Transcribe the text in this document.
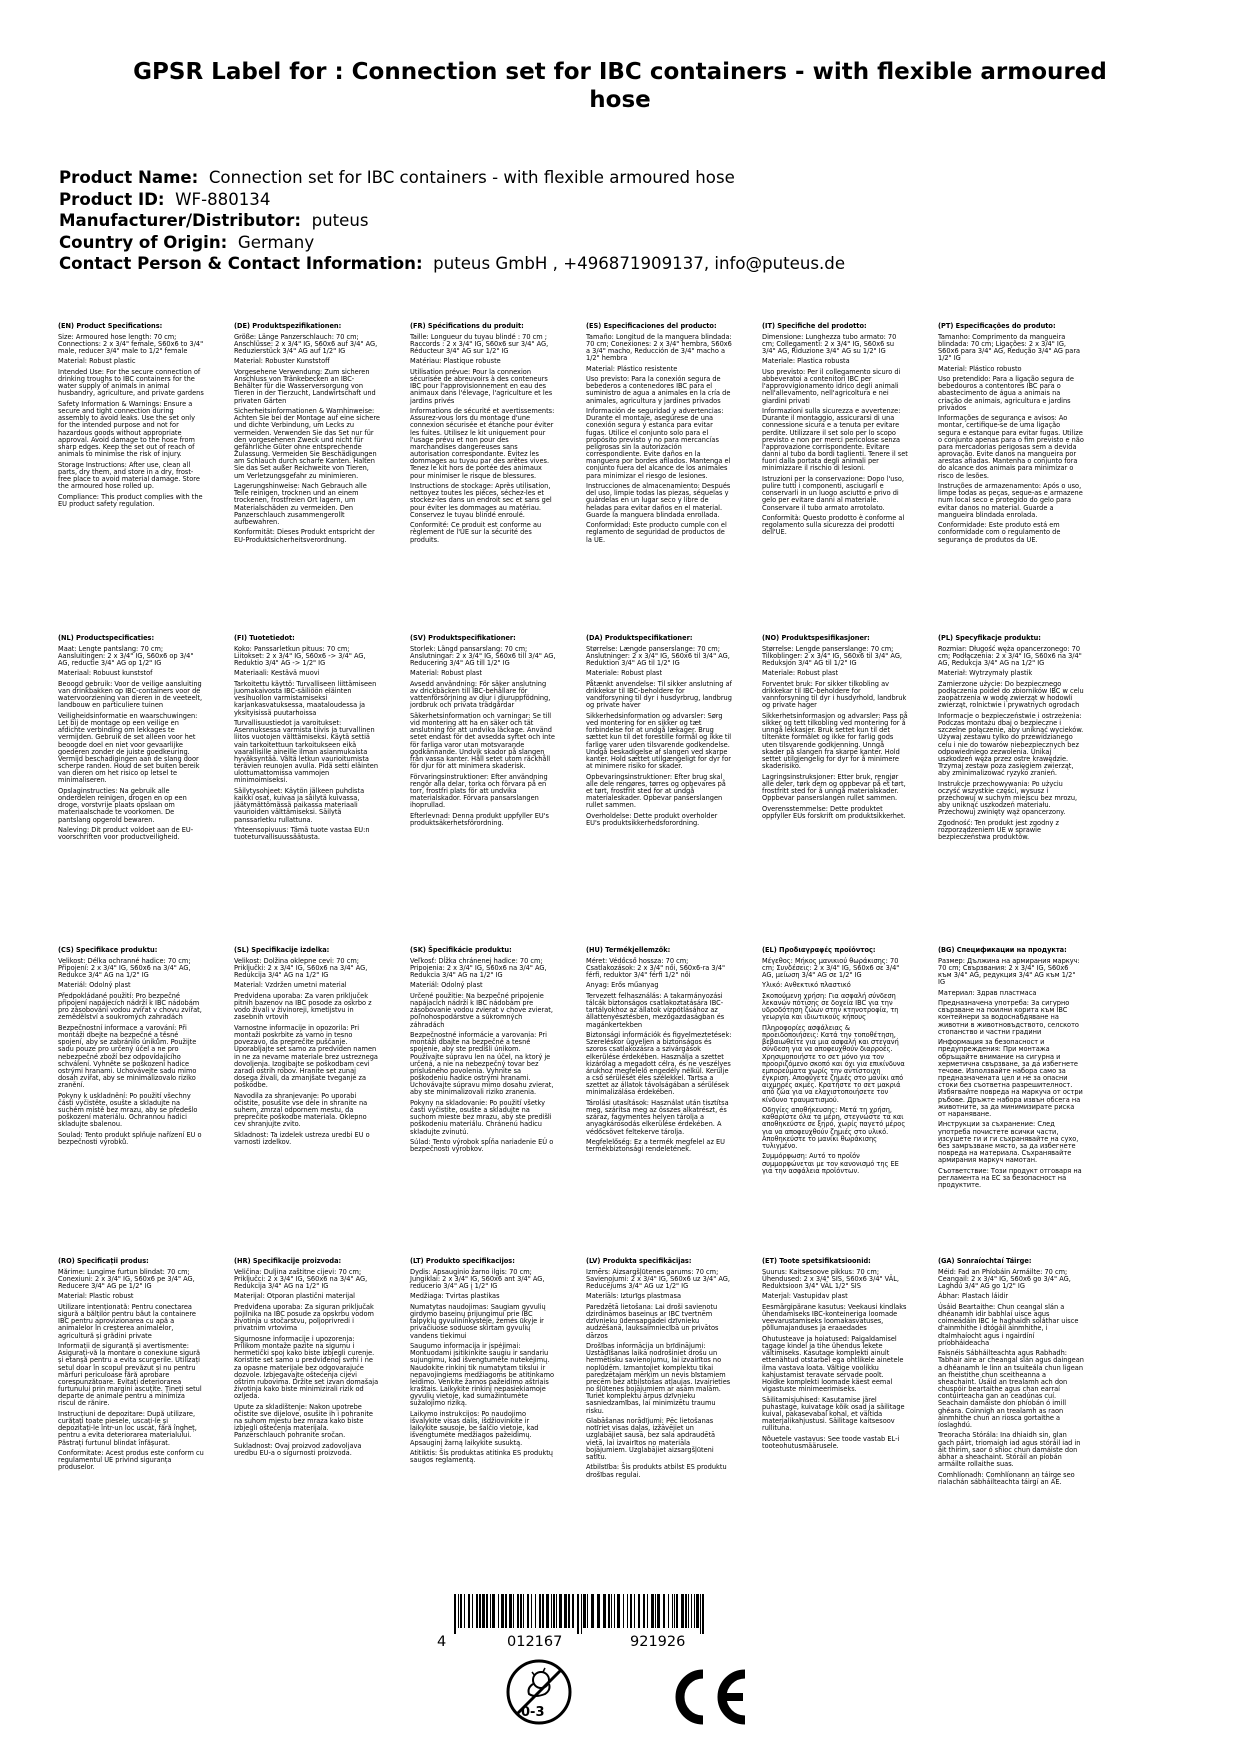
GPSR Label for : Connection set for IBC containers - with flexible armoured hose
Product Name: Connection set for IBC containers - with flexible armoured hose
Product ID: WF-880134
Manufacturer/Distributor: puteus
Country of Origin: Germany
Contact Person & Contact Information: puteus GmbH , +496871909137, info@puteus.de

(EN) Product Specifications:

Size: Armoured hose length: 70 cm; Connections: 2 x 3/4" female, S60x6 to 3/4" male, reducer 3/4" male to 1/2" female

Material: Robust plastic

Intended Use: For the secure connection of drinking troughs to IBC containers for the water supply of animals in animal husbandry, agriculture, and private gardens

Safety Information & Warnings: Ensure a secure and tight connection during assembly to avoid leaks. Use the set only for the intended purpose and not for hazardous goods without appropriate approval. Avoid damage to the hose from sharp edges. Keep the set out of reach of animals to minimise the risk of injury.

Storage Instructions: After use, clean all parts, dry them, and store in a dry, frost-free place to avoid material damage. Store the armoured hose rolled up.

Compliance: This product complies with the EU product safety regulation.

(DE) Produktspezifikationen:

Größe: Länge Panzerschlauch: 70 cm; Anschlüsse: 2 x 3/4" IG, S60x6 auf 3/4" AG, Reduzierstück 3/4" AG auf 1/2" IG

Material: Robuster Kunststoff

Vorgesehene Verwendung: Zum sicheren Anschluss von Tränkebecken an IBC-Behälter für die Wasserversorgung von Tieren in der Tierzucht, Landwirtschaft und privaten Gärten

Sicherheitsinformationen & Warnhinweise: Achten Sie bei der Montage auf eine sichere und dichte Verbindung, um Lecks zu vermeiden. Verwenden Sie das Set nur für den vorgesehenen Zweck und nicht für gefährliche Güter ohne entsprechende Zulassung. Vermeiden Sie Beschädigungen am Schlauch durch scharfe Kanten. Halten Sie das Set außer Reichweite von Tieren, um Verletzungsgefahr zu minimieren.

Lagerungshinweise: Nach Gebrauch alle Teile reinigen, trocknen und an einem trockenen, frostfreien Ort lagern, um Materialschäden zu vermeiden. Den Panzerschlauch zusammengerollt aufbewahren.

Konformität: Dieses Produkt entspricht der EU-Produktsicherheitsverordnung.

(FR) Spécifications du produit:

Taille: Longueur du tuyau blindé : 70 cm ; Raccords : 2 x 3/4" IG, S60x6 sur 3/4" AG, Réducteur 3/4" AG sur 1/2" IG

Matériau: Plastique robuste

Utilisation prévue: Pour la connexion sécurisée de abreuvoirs à des conteneurs IBC pour l'approvisionnement en eau des animaux dans l'élevage, l'agriculture et les jardins privés

Informations de sécurité et avertissements: Assurez-vous lors du montage d'une connexion sécurisée et étanche pour éviter les fuites. Utilisez le kit uniquement pour l'usage prévu et non pour des marchandises dangereuses sans autorisation correspondante. Évitez les dommages au tuyau par des arêtes vives. Tenez le kit hors de portée des animaux pour minimiser le risque de blessures.

Instructions de stockage: Après utilisation, nettoyez toutes les pièces, séchez-les et stockez-les dans un endroit sec et sans gel pour éviter les dommages au matériau. Conservez le tuyau blindé enroulé.

Conformité: Ce produit est conforme au règlement de l'UE sur la sécurité des produits.

(ES) Especificaciones del producto:

Tamaño: Longitud de la manguera blindada: 70 cm; Conexiones: 2 x 3/4" hembra, S60x6 a 3/4" macho, Reducción de 3/4" macho a 1/2" hembra

Material: Plástico resistente

Uso previsto: Para la conexión segura de bebederos a contenedores IBC para el suministro de agua a animales en la cría de animales, agricultura y jardines privados

Información de seguridad y advertencias: Durante el montaje, asegúrese de una conexión segura y estanca para evitar fugas. Utilice el conjunto solo para el propósito previsto y no para mercancías peligrosas sin la autorización correspondiente. Evite daños en la manguera por bordes afilados. Mantenga el conjunto fuera del alcance de los animales para minimizar el riesgo de lesiones.

Instrucciones de almacenamiento: Después del uso, limpie todas las piezas, séquelas y guárdelas en un lugar seco y libre de heladas para evitar daños en el material. Guarde la manguera blindada enrollada.

Conformidad: Este producto cumple con el reglamento de seguridad de productos de la UE.

(IT) Specifiche del prodotto:

Dimensione: Lunghezza tubo armato: 70 cm; Collegamenti: 2 x 3/4" IG, S60x6 su 3/4" AG, Riduzione 3/4" AG su 1/2" IG

Materiale: Plastica robusta

Uso previsto: Per il collegamento sicuro di abbeveratoi a contenitori IBC per l'approvvigionamento idrico degli animali nell'allevamento, nell'agricoltura e nei giardini privati

Informazioni sulla sicurezza e avvertenze: Durante il montaggio, assicurarsi di una connessione sicura e a tenuta per evitare perdite. Utilizzare il set solo per lo scopo previsto e non per merci pericolose senza l'approvazione corrispondente. Evitare danni al tubo da bordi taglienti. Tenere il set fuori dalla portata degli animali per minimizzare il rischio di lesioni.

Istruzioni per la conservazione: Dopo l'uso, pulire tutti i componenti, asciugarli e conservarli in un luogo asciutto e privo di gelo per evitare danni al materiale. Conservare il tubo armato arrotolato.

Conformità: Questo prodotto è conforme al regolamento sulla sicurezza dei prodotti dell'UE.

(PT) Especificações do produto:

Tamanho: Comprimento da mangueira blindada: 70 cm; Ligações: 2 x 3/4" IG, S60x6 para 3/4" AG, Redução 3/4" AG para 1/2" IG

Material: Plástico robusto

Uso pretendido: Para a ligação segura de bebedouros a contentores IBC para o abastecimento de água a animais na criação de animais, agricultura e jardins privados

Informações de segurança e avisos: Ao montar, certifique-se de uma ligação segura e estanque para evitar fugas. Utilize o conjunto apenas para o fim previsto e não para mercadorias perigosas sem a devida aprovação. Evite danos na mangueira por arestas afiadas. Mantenha o conjunto fora do alcance dos animais para minimizar o risco de lesões.

Instruções de armazenamento: Após o uso, limpe todas as peças, seque-as e armazene num local seco e protegido do gelo para evitar danos no material. Guarde a mangueira blindada enrolada.

Conformidade: Este produto está em conformidade com o regulamento de segurança de produtos da UE.

(NL) Productspecificaties:

Maat: Lengte pantslang: 70 cm; Aansluitingen: 2 x 3/4" IG, S60x6 op 3/4" AG, reductie 3/4" AG op 1/2" IG

Materiaal: Robuust kunststof

Beoogd gebruik: Voor de veilige aansluiting van drinkbakken op IBC-containers voor de watervoorziening van dieren in de veeteelt, landbouw en particuliere tuinen

Veiligheidsinformatie en waarschuwingen: Let bij de montage op een veilige en afdichte verbinding om lekkages te vermijden. Gebruik de set alleen voor het beoogde doel en niet voor gevaarlijke goederen zonder de juiste goedkeuring. Vermijd beschadigingen aan de slang door scherpe randen. Houd de set buiten bereik van dieren om het risico op letsel te minimaliseren.

Opslaginstructies: Na gebruik alle onderdelen reinigen, drogen en op een droge, vorstvrije plaats opslaan om materiaalschade te voorkomen. De pantslang opgerold bewaren.

Naleving: Dit product voldoet aan de EU-voorschriften voor productveiligheid.

(FI) Tuotetiedot:

Koko: Panssarletkun pituus: 70 cm; Liitokset: 2 x 3/4" IG, S60x6 -> 3/4" AG, Reduktio 3/4" AG -> 1/2" IG

Materiaali: Kestävä muovi

Tarkoitettu käyttö: Turvalliseen liittämiseen juomakaivosta IBC-säiliöön eläinten vesihuollon varmistamiseksi karjankasvatuksessa, maataloudessa ja yksityisissä puutarhoissa

Turvallisuustiedot ja varoitukset: Asennuksessa varmista tiivis ja turvallinen liitos vuotojen välttämiseksi. Käytä settiä vain tarkoitettuun tarkoitukseen eikä vaarallisille aineille ilman asianmukaista hyväksyntää. Vältä letkun vaurioitumista terävien reunojen avulla. Pidä setti eläinten ulottumattomissa vammojen minimoimiseksi.

Säilytysohjeet: Käytön jälkeen puhdista kaikki osat, kuivaa ja säilytä kuivassa, jäätymättömässä paikassa materiaali vaurioiden välttämiseksi. Säilytä panssarletku rullattuna.

Yhteensopivuus: Tämä tuote vastaa EU:n tuoteturvallisuussäätusta.

(SV) Produktspecifikationer:

Storlek: Längd pansarslang: 70 cm; Anslutningar: 2 x 3/4" IG, S60x6 till 3/4" AG, Reducering 3/4" AG till 1/2" IG

Material: Robust plast

Avsedd användning: För säker anslutning av drickbäcken till IBC-behållare för vattenförsörjning av djur i djuruppfödning, jordbruk och privata trädgårdar

Säkerhetsinformation och varningar: Se till vid montering att ha en säker och tät anslutning för att undvika läckage. Använd setet endast för det avsedda syftet och inte för farliga varor utan motsvarande godkännande. Undvik skador på slangen från vassa kanter. Håll setet utom räckhåll för djur för att minimera skaderisk.

Förvaringsinstruktioner: Efter användning rengör alla delar, torka och förvara på en torr, frostfri plats för att undvika materialskador. Förvara pansarslangen ihoprullad.

Efterlevnad: Denna produkt uppfyller EU's produktsäkerhetsförordning.

(DA) Produktspecifikationer:

Størrelse: Længde panserslange: 70 cm; Anslutninger: 2 x 3/4" IG, S60x6 til 3/4" AG, Reduktion 3/4" AG til 1/2" IG

Materiale: Robust plast

Påtænkt anvendelse: Til sikker anslutning af drikkekar til IBC-beholdere for vandforsyning til dyr i husdyrbrug, landbrug og private haver

Sikkerhedsinformation og advarsler: Sørg ved montering for en sikker og tæt forbindelse for at undgå lækager. Brug sættet kun til det forestille formål og ikke til farlige varer uden tilsvarende godkendelse. Undgå beskadigelse af slangen ved skarpe kanter. Hold sættet utilgængeligt for dyr for at minimere risiko for skader.

Opbevaringsinstruktioner: Efter brug skal alle dele rengøres, tørres og opbevares på et tørt, frostfrit sted for at undgå materialeskader. Opbevar panserslangen rullet sammen.

Overholdelse: Dette produkt overholder EU's produktsikkerhedsforordning.

(NO) Produktspesifikasjoner:

Størrelse: Lengde panserslange: 70 cm; Tilkoblinger: 2 x 3/4" IG, S60x6 til 3/4" AG, Reduksjon 3/4" AG til 1/2" IG

Materiale: Robust plast

Forventet bruk: For sikker tilkobling av drikkekar til IBC-beholdere for vannforsyning til dyr i husdyrhold, landbruk og private hager

Sikkerhetsinformasjon og advarsler: Pass på sikker og tett tilkobling ved montering for å unngå lekkasjer. Bruk settet kun til det tiltenkte formålet og ikke for farlig gods uten tilsvarende godkjenning. Unngå skader på slangen fra skarpe kanter. Hold settet utilgjengelig for dyr for å minimere skaderisiko.

Lagringsinstruksjoner: Etter bruk, rengjør alle deler, tørk dem og oppbevar på et tørt, frostfritt sted for å unngå materialskader. Oppbevar panserslangen rullet sammen.

Overensstemmelse: Dette produktet oppfyller EUs forskrift om produktsikkerhet.

(PL) Specyfikacje produktu:

Rozmiar: Długość węża opancerzonego: 70 cm; Podłączenia: 2 x 3/4" IG, S60x6 na 3/4" AG, Redukcja 3/4" AG na 1/2" IG

Materiał: Wytrzymały plastik

Zamierzone użycie: Do bezpiecznego podłączenia poideł do zbiorników IBC w celu zaopatrzenia w wodę zwierząt w hodowli zwierząt, rolnictwie i prywatnych ogrodach

Informacje o bezpieczeństwie i ostrzeżenia: Podczas montażu dbaj o bezpieczne i szczelne połączenie, aby uniknąć wycieków. Używaj zestawu tylko do przewidzianego celu i nie do towarów niebezpiecznych bez odpowiedniego zezwolenia. Unikaj uszkodzeń węża przez ostre krawędzie. Trzymaj zestaw poza zasięgiem zwierząt, aby zminimalizować ryzyko zranień.

Instrukcje przechowywania: Po użyciu oczyść wszystkie części, wysusz i przechowuj w suchym miejscu bez mrozu, aby uniknąć uszkodzeń materiału. Przechowuj zwinięty wąż opancerzony.

Zgodność: Ten produkt jest zgodny z rozporządzeniem UE w sprawie bezpieczeństwa produktów.

(CS) Specifikace produktu:

Velikost: Délka ochranné hadice: 70 cm; Připojení: 2 x 3/4" IG, S60x6 na 3/4" AG, Redukce 3/4" AG na 1/2" IG

Materiál: Odolný plast

Předpokládané použití: Pro bezpečné připojení napájecích nádrží k IBC nádobám pro zásobování vodou zvířat v chovu zvířat, zemědělství a soukromých zahradách

Bezpečnostní informace a varování: Při montáži dbejte na bezpečné a těsné spojení, aby se zabránilo únikům. Použijte sadu pouze pro určený účel a ne pro nebezpečné zboží bez odpovídajícího schválení. Vyhněte se poškození hadice ostrými hranami. Uchovávejte sadu mimo dosah zvířat, aby se minimalizovalo riziko zranění.

Pokyny k uskladnění: Po použití všechny části vyčistěte, osušte a skladujte na suchém místě bez mrazu, aby se předešlo poškození materiálu. Ochrannou hadici skladujte sbalenou.

Soulad: Tento produkt splňuje nařízení EU o bezpečnosti výrobků.

(SL) Specifikacije izdelka:

Velikost: Dolžina oklepne cevi: 70 cm; Priključki: 2 x 3/4" IG, S60x6 na 3/4" AG, Redukcija 3/4" AG na 1/2" IG

Material: Vzdržen umetni material

Predvidena uporaba: Za varen priključek pitnih bazenov na IBC posode za oskrbo z vodo živali v živinoreji, kmetijstvu in zasebnih vrtovih

Varnostne informacije in opozorila: Pri montaži poskrbite za varno in tesno povezavo, da preprečite puščanje. Uporabljajte set samo za predviden namen in ne za nevarne materiale brez ustreznega dovoljenja. Izogibajte se poškodbam cevi zaradi ostrih robov. Hranite set zunaj dosega živali, da zmanjšate tveganje za poškodbe.

Navodila za shranjevanje: Po uporabi očistite, posušite vse dele in shranite na suhem, zmrzal odpornem mestu, da preprečite poškodbe materiala. Oklepno cev shranjujte zvito.

Skladnost: Ta izdelek ustreza uredbi EU o varnosti izdelkov.

(SK) Špecifikácie produktu:

Veľkosť: Dĺžka chránenej hadice: 70 cm; Pripojenia: 2 x 3/4" IG, S60x6 na 3/4" AG, Redukcia 3/4" AG na 1/2" IG

Materiál: Odolný plast

Určené použitie: Na bezpečné pripojenie napájacích nádrží k IBC nádobám pre zásobovanie vodou zvierat v chove zvierat, poľnohospodárstve a súkromných záhradách

Bezpečnostné informácie a varovania: Pri montáži dbajte na bezpečné a tesné spojenie, aby ste predišli únikom. Používajte súpravu len na účel, na ktorý je určená, a nie na nebezpečný tovar bez príslušného povolenia. Vyhnite sa poškodeniu hadice ostrými hranami. Uchovávajte súpravu mimo dosahu zvierat, aby ste minimalizovali riziko zranenia.

Pokyny na skladovanie: Po použití všetky časti vyčistite, osušte a skladujte na suchom mieste bez mrazu, aby ste predišli poškodeniu materiálu. Chránenú hadicu skladujte zvinutú.

Súlad: Tento výrobok spĺňa nariadenie EÚ o bezpečnosti výrobkov.

(HU) Termékjellemzők:

Méret: Védőcső hossza: 70 cm; Csatlakozások: 2 x 3/4" női, S60x6-ra 3/4" férfi, reduktor 3/4" férfi 1/2" női

Anyag: Erős műanyag

Tervezett felhasználás: A takarmányozási tálcák biztonságos csatlakoztatására IBC-tartályokhoz az állatok vízpótlásához az állattenyésztésben, mezőgazdaságban és magánkertekben

Biztonsági információk és figyelmeztetések: Szereléskor ügyeljen a biztonságos és szoros csatlakozásra a szivárgások elkerülése érdekében. Használja a szettet kizárólag a megadott célra, és ne veszélyes árukhoz megfelelő engedély nélkül. Kerülje a cső sérülését éles szélekkel. Tartsa a szettet az állatok távolságában a sérülések minimalizálása érdekében.

Tárolási utasítások: Használat után tisztítsa meg, szárítsa meg az összes alkatrészt, és száraz, fagymentes helyen tárolja a anyagkárosodás elkerülése érdekében. A védőcsövet feltekerve tárolja.

Megfelelőség: Ez a termék megfelel az EU termékbiztonsági rendeletének.

(EL) Προδιαγραφές προϊόντος:

Μέγεθος: Μήκος μανικιού θωράκισης: 70 cm; Συνδέσεις: 2 x 3/4" IG, S60x6 σε 3/4" AG, μείωση 3/4" AG σε 1/2" IG

Υλικό: Ανθεκτικό πλαστικό

Σκοπούμενη χρήση: Για ασφαλή σύνδεση λεκανών πότισης σε δοχεία IBC για την υδροδότηση ζώων στην κτηνοτροφία, τη γεωργία και ιδιωτικούς κήπους

Πληροφορίες ασφάλειας & προειδοποιήσεις: Κατά την τοποθέτηση, βεβαιωθείτε για μια ασφαλή και στεγανή σύνδεση για να αποφευχθούν διαρροές. Χρησιμοποιήστε το σετ μόνο για τον προοριζόμενο σκοπό και όχι για επικίνδυνα εμπορεύματα χωρίς την αντίστοιχη έγκριση. Αποφύγετε ζημιές στο μανίκι από αιχμηρές ακμές. Κρατήστε το σετ μακριά από ζώα για να ελαχιστοποιήσετε τον κίνδυνο τραυματισμού.

Οδηγίες αποθήκευσης: Μετά τη χρήση, καθαρίστε όλα τα μέρη, στεγνώστε τα και αποθηκεύστε σε ξηρό, χωρίς παγετό μέρος για να αποφευχθούν ζημιές στο υλικό. Αποθηκεύστε το μανίκι θωράκισης τυλιγμένο.

Συμμόρφωση: Αυτό το προϊόν συμμορφώνεται με τον κανονισμό της ΕΕ για την ασφάλεια προϊόντων.

(BG) Спецификации на продукта:

Размер: Дължина на армирания маркуч: 70 cm; Свързвания: 2 x 3/4" IG, S60x6 към 3/4" AG, редукция 3/4" AG към 1/2" IG

Материал: Здрав пластмаса

Предназначена употреба: За сигурно свързване на поилни корита към IBC контейнери за водоснабдяване на животни в животновъдството, селското стопанство и частни градини

Информация за безопасност и предупреждения: При монтажа обръщайте внимание на сигурна и херметична свързване, за да избегнете течове. Използвайте набора само за предназначената цел и не за опасни стоки без съответна разрешителност. Избягвайте повреда на маркуча от остри ръбове. Дръжте набора извън обсега на животните, за да минимизирате риска от нараняване.

Инструкции за съхранение: След употреба почистете всички части, изсушете ги и ги съхранявайте на сухо, без замръзване място, за да избегнете повреда на материала. Съхранявайте армирания маркуч намотан.

Съответствие: Този продукт отговаря на регламента на ЕС за безопасност на продуктите.

(RO) Specificații produs:

Mărime: Lungime furtun blindat: 70 cm; Conexiuni: 2 x 3/4" IG, S60x6 pe 3/4" AG, Reducere 3/4" AG pe 1/2" IG

Material: Plastic robust

Utilizare intenționată: Pentru conectarea sigură a bălților pentru băut la containere IBC pentru aprovizionarea cu apă a animalelor în creșterea animalelor, agricultură și grădini private

Informații de siguranță și avertismente: Asigurați-vă la montare o conexiune sigură și etanșă pentru a evita scurgerile. Utilizați setul doar în scopul prevăzut și nu pentru mărfuri periculoase fără aprobare corespunzătoare. Evitați deteriorarea furtunului prin margini ascuțite. Țineți setul departe de animale pentru a minimiza riscul de rănire.

Instrucțiuni de depozitare: După utilizare, curățați toate piesele, uscați-le și depozitați-le într-un loc uscat, fără îngheț, pentru a evita deteriorarea materialului. Păstrați furtunul blindat înfășurat.

Conformitate: Acest produs este conform cu regulamentul UE privind siguranța produselor.

(HR) Specifikacije proizvoda:

Veličina: Duljina zaštitne cijevi: 70 cm; Priključci: 2 x 3/4" IG, S60x6 na 3/4" AG, Redukcija 3/4" AG na 1/2" IG

Materijal: Otporan plastični materijal

Predviđena uporaba: Za siguran priključak pojilnika na IBC posude za opskrbu vodom životinja u stočarstvu, poljoprivredi i privatnim vrtovima

Sigurnosne informacije i upozorenja: Prilikom montaže pazite na sigurnu i hermetički spoj kako biste izbjegli curenje. Koristite set samo u predviđenoj svrhi i ne za opasne materijale bez odgovarajuće dozvole. Izbjegavajte oštećenja cijevi oštrim rubovima. Držite set izvan domašaja životinja kako biste minimizirali rizik od ozljeda.

Upute za skladištenje: Nakon upotrebe očistite sve dijelove, osušite ih i pohranite na suhom mjestu bez mraza kako biste izbjegli oštećenja materijala. Panzerschlauch pohranite sročan.

Sukladnost: Ovaj proizvod zadovoljava uredbu EU-a o sigurnosti proizvoda.

(LT) Produkto specifikacijos:

Dydis: Apsauginio žarno ilgis: 70 cm; Jungiklai: 2 x 3/4" IG, S60x6 ant 3/4" AG, reducerio 3/4" AG į 1/2" IG

Medžiaga: Tvirtas plastikas

Numatytas naudojimas: Saugiam gyvulių girdymo baseinų prijungimui prie IBC talpyklų gyvulininkystėje, žemės ūkyje ir privačiuose soduose skirtam gyvulių vandens tiekimui

Saugumo informacija ir įspėjimai: Montuodami įsitikinkite saugiu ir sandariu sujungimu, kad išvengtumėte nutekėjimų. Naudokite rinkinį tik numatytam tikslui ir nepavojingiems medžiagoms be atitinkamo leidimo. Venkite žarnos pažeidimo aštriais kraštais. Laikykite rinkinį nepasiekiamoje gyvulių vietoje, kad sumažintumėte sužalojimo riziką.

Laikymo instrukcijos: Po naudojimo išvalykite visas dalis, išdžiovinkite ir laikykite sausoje, be šalčio vietoje, kad išvengtumėte medžiagos pažeidimų. Apsauginį žarną laikykite susuktą.

Atitiktis: Šis produktas atitinka ES produktų saugos reglamentą.

(LV) Produkta specifikācijas:

Izmērs: Aizsargšļūtenes garums: 70 cm; Savienojumi: 2 x 3/4" IG, S60x6 uz 3/4" AG, Reducējums 3/4" AG uz 1/2" IG

Materiāls: Izturīgs plastmasa

Paredzētā lietošana: Lai droši savienotu dzirdināmos baseinus ar IBC tvertnēm dzīvnieku ūdensapgādei dzīvnieku audzēšanā, lauksaimniecībā un privātos dārzos

Drošības informācija un brīdinājumi: Uzstādīšanas laikā nodrošiniet drošu un hermētisku savienojumu, lai izvairītos no noplūdēm. Izmantojiet komplektu tikai paredzētajam mērķim un nevis bīstamiem precēm bez atbilstošas atļaujas. Izvairieties no šļūtenes bojājumiem ar asām malām. Turiet komplektu ārpus dzīvnieku sasniedzamības, lai minimizētu traumu risku.

Glabāšanas norādījumi: Pēc lietošanas notīriet visas daļas, izžāvējiet un uzglabājiet sausā, bez sala apdraudētā vietā, lai izvairītos no materiāla bojājumiem. Uzglabājiet aizsargšļūteni satītu.

Atbilstība: Šis produkts atbilst ES produktu drošības regulai.

(ET) Toote spetsifikatsioonid:

Suurus: Kaitsesoove pikkus: 70 cm; Ühendused: 2 x 3/4" SIS, S60x6 3/4" VÄL, Reduktsioon 3/4" VÄL 1/2" SIS

Materjal: Vastupidav plast

Eesmärgipärane kasutus: Veekausi kindlaks ühendamiseks IBC-konteineriga loomade veevarustamiseks loomakasvatuses, põllumajanduses ja eraaedades

Ohutusteave ja hoiatused: Paigaldamisel tagage kindel ja tihe ühendus lekete vältimiseks. Kasutage komplekti ainult ettenähtud otstarbel ega ohtlikele ainetele ilma vastava loata. Vältige voolikku kahjustamist teravate servade poolt. Hoidke komplekti loomade käest eemal vigastuste minimeerimiseks.

Säilitamisjuhised: Kasutamise järel puhastage, kuivatage kõik osad ja säilitage kuival, pakasevabal kohal, et vältida materjalikahjustusi. Säilitage kaitsesoov rullituna.

Nõuetele vastavus: See toode vastab EL-i tooteohutusmäärusele.

(GA) Sonraíochtaí Táirge:

Méid: Fad an Phíobáin Armáilte: 70 cm; Ceangail: 2 x 3/4" IG, S60x6 go 3/4" AG, Laghdú 3/4" AG go 1/2" IG

Ábhar: Plastach láidir

Úsáid Beartaithe: Chun ceangal slán a dhéanamh idir babhlaí uisce agus coimeádáin IBC le haghaidh soláthar uisce d'ainmhithe i dtógáil ainmhithe, i dtalmhaíocht agus i ngairdíní príobháideacha

Faisnéis Sábháilteachta agus Rabhadh: Tabhair aire ar cheangal slán agus daingean a dhéanamh le linn an tsuiteála chun ligean an fheistithe chun sceitheanna a sheachaint. Úsáid an trealamh ach don chuspóir beartaithe agus chan earraí contúirteacha gan an ceadúnas cuí. Seachain damáiste don phíobán ó imill ghéara. Coinnigh an trealamh as raon ainmhithe chun an riosca gortaithe a íoslaghdú.

Treoracha Stórála: Ina dhiaidh sin, glan gach páirt, triomaigh iad agus stóráil iad in áit thirim, saor ó shioc chun damáiste don ábhar a sheachaint. Stóráil an píobán armáilte rollaithe suas.

Comhlíonadh: Comhlíonann an táirge seo rialachán sábháilteachta táirgí an AE.

4	012167	921926
0-3
